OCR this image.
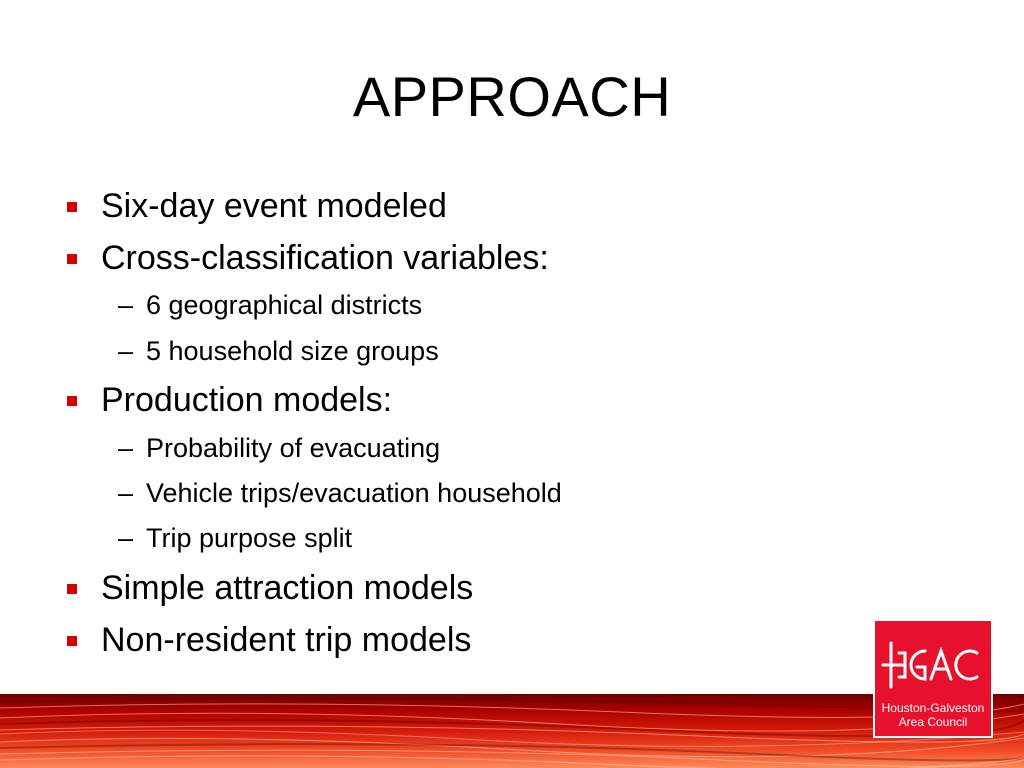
APPROACH
Six-day event modeled
Cross-classification variables:
– 6 geographical districts
– 5 household size groups
Production models:
– Probability of evacuating
– Vehicle trips/evacuation household
– Trip purpose split
Simple attraction models
Non-resident trip models
Houston-Galveston
Area Council
